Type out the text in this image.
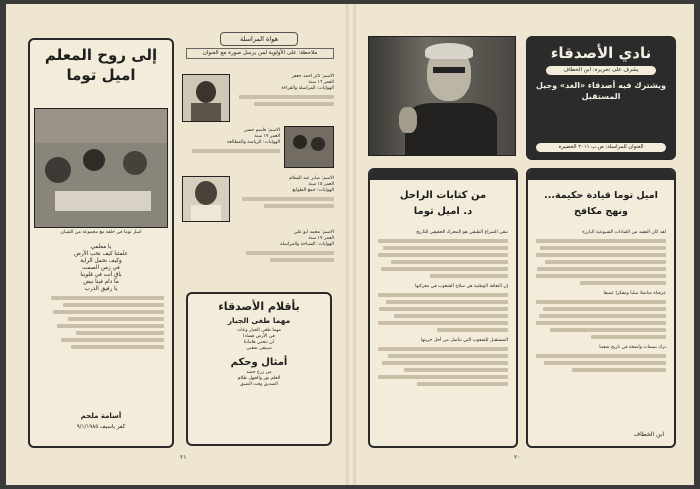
إلى روح المعلم
اميل توما
اميل توما في حلقة مع مجموعة من الشبان
يا معلمي
علمتنا كيف نحب الأرض
وكيف نحمل الراية
في زمن الصمت
باقٍ أنت في قلوبنا
ما دام فينا نبض
يا رفيق الدرب
أسامة ملحم
كفر ياسيف ٩/١/١٩٨٥
هواة المراسلة
ملاحظة: على الأولوية لمن يرسل صورة مع العنوان
الاسم: ثائر احمد جعفر
العمر ١٦ سنة
الهوايات: المراسلة والقراءة
الاسم: قاسم حسن
العمر ١٧ سنة
الهوايات: الرياضة والمطالعة
الاسم: صابر عبد السلام
العمر ١٥ سنة
الهوايات: جمع الطوابع
الاسم: محمد ابو علي
العمر ١٧ سنة
الهوايات: السباحة والمراسلة
بأقلام الأصدقاء
مهما طغى الجبار
مهما طغى الجبار وعاث
في الأرض فسادا
لن تنحني هاماتنا
سيبقى شعبي
أمثال وحكم
من زرع حصد
العلم نور والجهل ظلام
الصديق وقت الضيق
٢١
نادي الأصدقاء
يشرف على تحريره: ابن الخطاف
ويشترك فيه أصدقاء «الغد» وجيل المستقبل
العنوان للمراسلة: ص.ب ٢٠١١ الخضيرة
من كتابات الراحل
د. اميل توما
تبقى الصراع الطبقي هو المحرك الحقيقي للتاريخ
إن الثقافة الوطنية هي سلاح الشعوب في معركتها
المستقبل للشعوب التي تناضل من أجل حريتها
اميل توما قيادة حكيمة...
ونهج مكافح
لقد كان الفقيد من القيادات الشيوعية البارزة
عرفناه مناضلا صلبا ومفكرا عميقا
ترك بصمات واضحة في تاريخ شعبنا
ابن الخطاف
٢٠
